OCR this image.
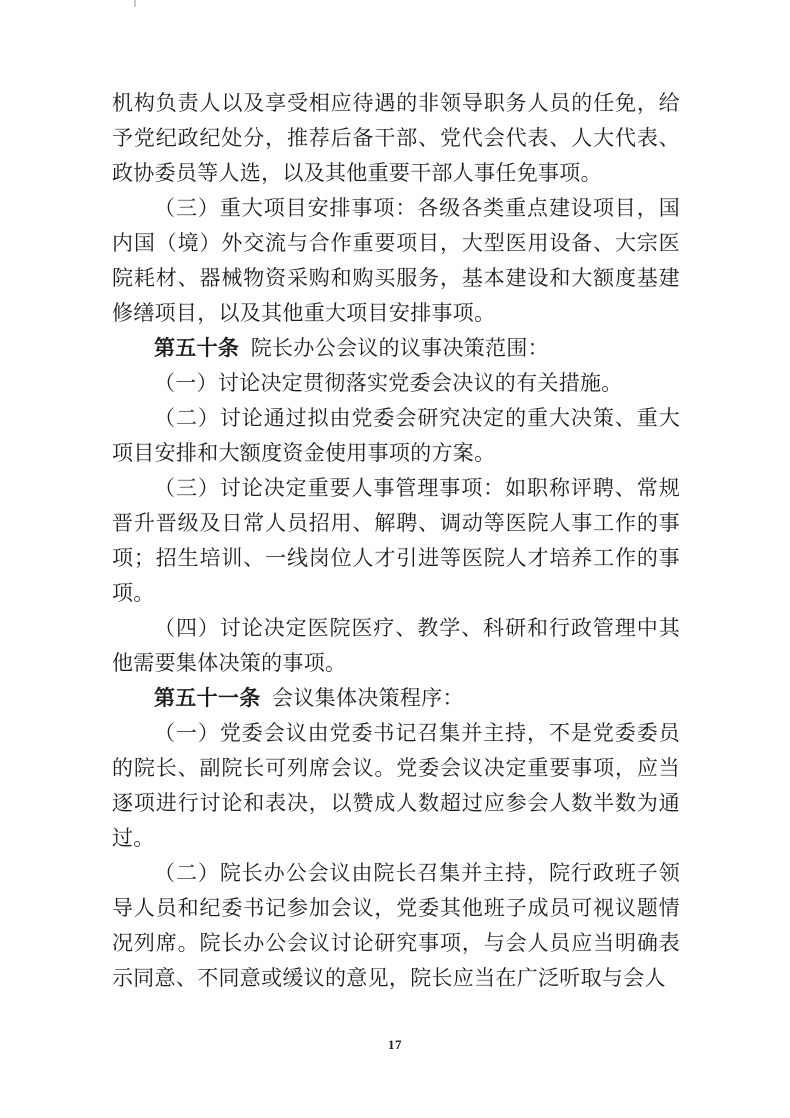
机构负责人以及享受相应待遇的非领导职务人员的任免，给予党纪政纪处分，推荐后备干部、党代会代表、人大代表、政协委员等人选，以及其他重要干部人事任免事项。

（三）重大项目安排事项：各级各类重点建设项目，国内国（境）外交流与合作重要项目，大型医用设备、大宗医院耗材、器械物资采购和购买服务，基本建设和大额度基建修缮项目，以及其他重大项目安排事项。

第五十条 院长办公会议的议事决策范围：

（一）讨论决定贯彻落实党委会决议的有关措施。

（二）讨论通过拟由党委会研究决定的重大决策、重大项目安排和大额度资金使用事项的方案。

（三）讨论决定重要人事管理事项：如职称评聘、常规晋升晋级及日常人员招用、解聘、调动等医院人事工作的事项；招生培训、一线岗位人才引进等医院人才培养工作的事项。

（四）讨论决定医院医疗、教学、科研和行政管理中其他需要集体决策的事项。

第五十一条 会议集体决策程序：

（一）党委会议由党委书记召集并主持，不是党委委员的院长、副院长可列席会议。党委会议决定重要事项，应当逐项进行讨论和表决，以赞成人数超过应参会人数半数为通过。

（二）院长办公会议由院长召集并主持，院行政班子领导人员和纪委书记参加会议，党委其他班子成员可视议题情况列席。院长办公会议讨论研究事项，与会人员应当明确表示同意、不同意或缓议的意见，院长应当在广泛听取与会人

17
